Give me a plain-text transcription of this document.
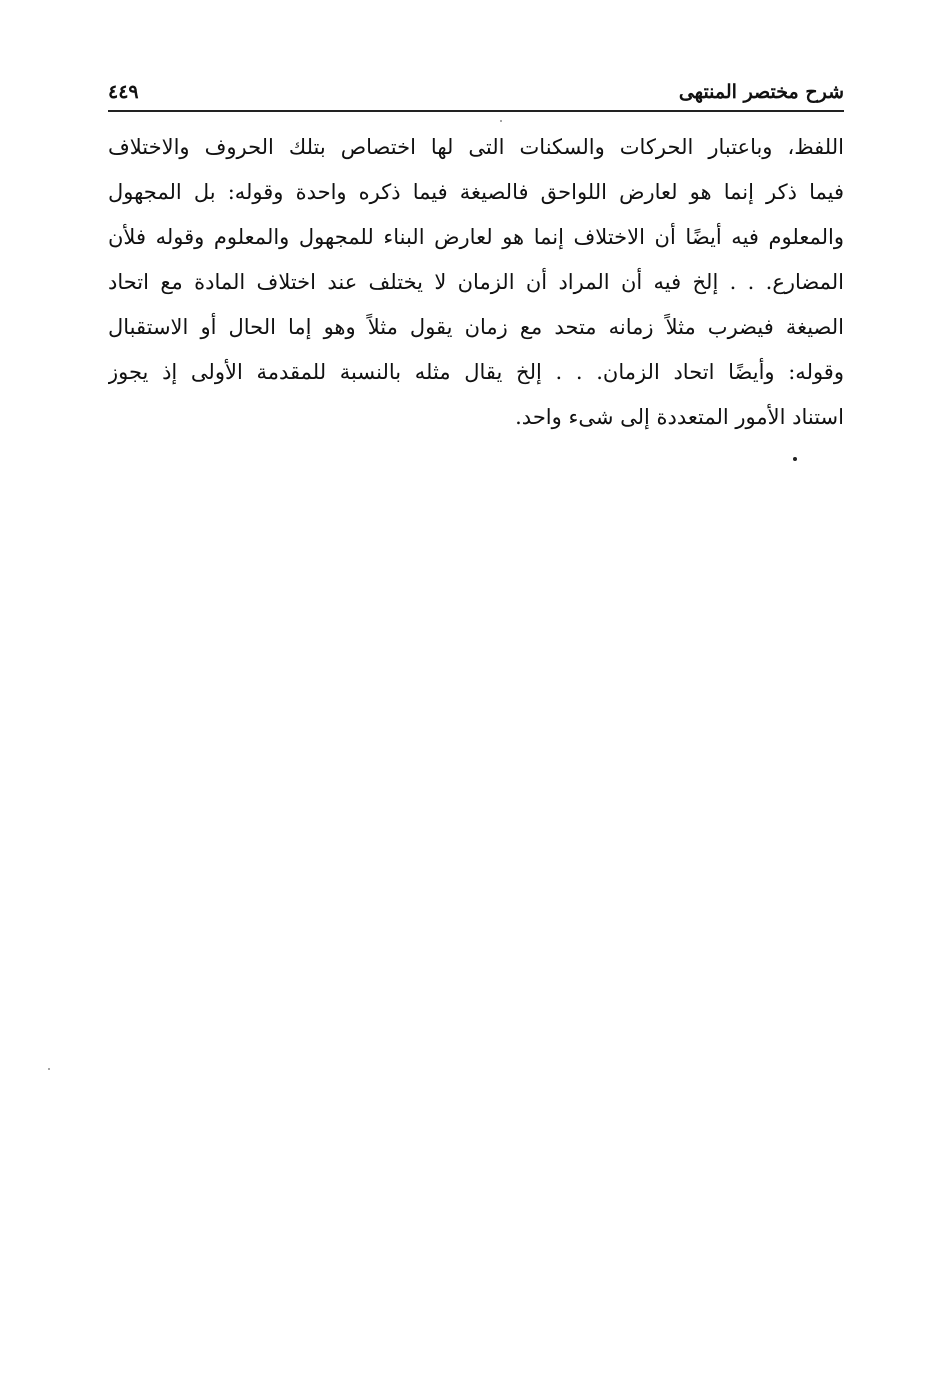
شرح مختصر المنتهى
٤٤٩
اللفظ، وباعتبار الحركات والسكنات التى لها اختصاص بتلك الحروف والاختلاف
فيما ذكر إنما هو لعارض اللواحق فالصيغة فيما ذكره واحدة وقوله: بل المجهول
والمعلوم فيه أيضًا أن الاختلاف إنما هو لعارض البناء للمجهول والمعلوم وقوله فلأن
المضارع. . . إلخ فيه أن المراد أن الزمان لا يختلف عند اختلاف المادة مع اتحاد
الصيغة فيضرب مثلاً زمانه متحد مع زمان يقول مثلاً وهو إما الحال أو الاستقبال
وقوله: وأيضًا اتحاد الزمان. . . إلخ يقال مثله بالنسبة للمقدمة الأولى إذ يجوز
استناد الأمور المتعددة إلى شىء واحد.
